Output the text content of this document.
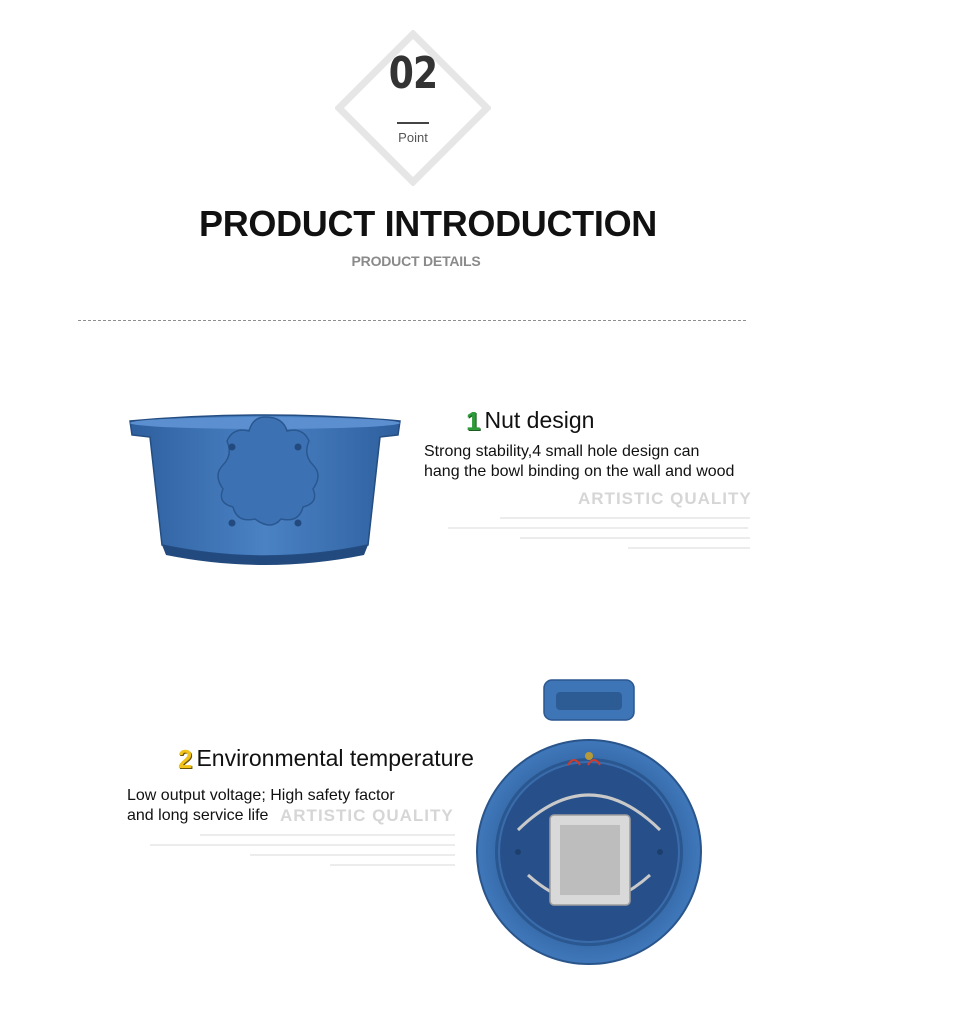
02
Point
PRODUCT INTRODUCTION
PRODUCT DETAILS
1 Nut design
Strong stability,4 small hole design can
hang the bowl binding on the wall and wood
ARTISTIC QUALITY
2 Environmental temperature
Low output voltage; High safety factor
and long service life ARTISTIC QUALITY
